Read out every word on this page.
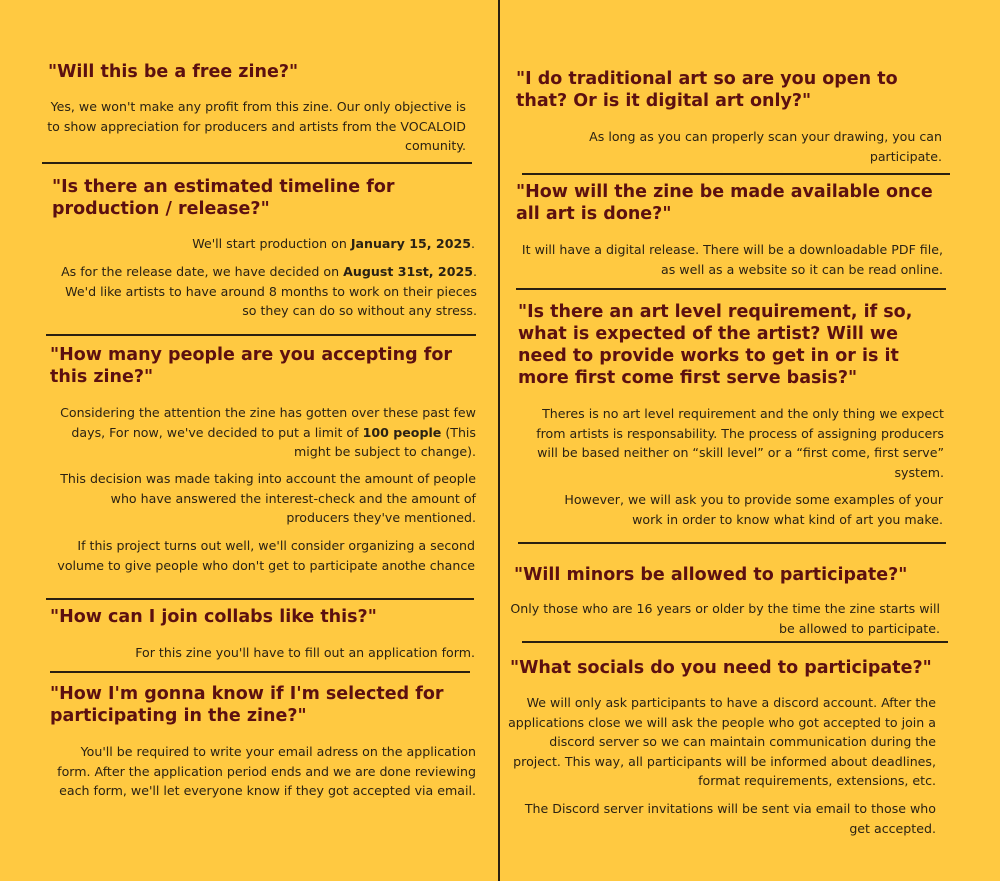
"Will this be a free zine?"

Yes, we won't make any profit from this zine. Our only objective is to show appreciation for producers and artists from the VOCALOID comunity.

"Is there an estimated timeline for production / release?"

We'll start production on January 15, 2025.

As for the release date, we have decided on August 31st, 2025. We'd like artists to have around 8 months to work on their pieces so they can do so without any stress.

"How many people are you accepting for this zine?"

Considering the attention the zine has gotten over these past few days, For now, we've decided to put a limit of 100 people (This might be subject to change).

This decision was made taking into account the amount of people who have answered the interest-check and the amount of producers they've mentioned.

If this project turns out well, we'll consider organizing a second volume to give people who don't get to participate anothe chance

"How can I join collabs like this?"

For this zine you'll have to fill out an application form.

"How I'm gonna know if I'm selected for participating in the zine?"

You'll be required to write your email adress on the application form. After the application period ends and we are done reviewing each form, we'll let everyone know if they got accepted via email.

"I do traditional art so are you open to that? Or is it digital art only?"

As long as you can properly scan your drawing, you can participate.

"How will the zine be made available once all art is done?"

It will have a digital release. There will be a downloadable PDF file, as well as a website so it can be read online.

"Is there an art level requirement, if so, what is expected of the artist? Will we need to provide works to get in or is it more first come first serve basis?"

Theres is no art level requirement and the only thing we expect from artists is responsability. The process of assigning producers will be based neither on “skill level” or a “first come, first serve” system.

However, we will ask you to provide some examples of your work in order to know what kind of art you make.

"Will minors be allowed to participate?"

Only those who are 16 years or older by the time the zine starts will be allowed to participate.

"What socials do you need to participate?"

We will only ask participants to have a discord account. After the applications close we will ask the people who got accepted to join a discord server so we can maintain communication during the project. This way, all participants will be informed about deadlines, format requirements, extensions, etc.

The Discord server invitations will be sent via email to those who get accepted.
